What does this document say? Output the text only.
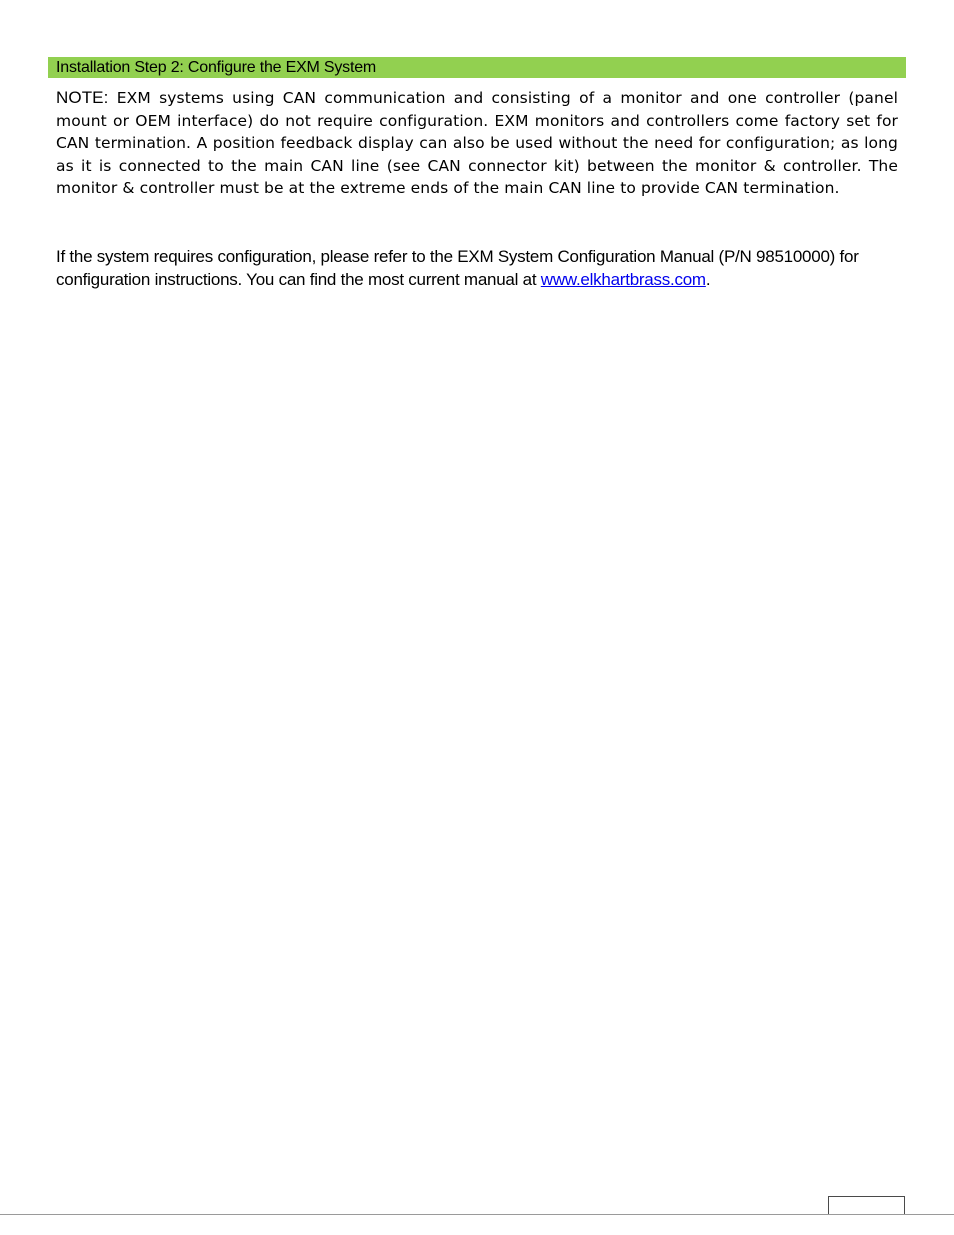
Installation Step 2: Configure the EXM System

NOTE: EXM systems using CAN communication and consisting of a monitor and one controller (panel mount or OEM interface) do not require configuration. EXM monitors and controllers come factory set for CAN termination. A position feedback display can also be used without the need for configuration; as long as it is connected to the main CAN line (see CAN connector kit) between the monitor & controller. The monitor & controller must be at the extreme ends of the main CAN line to provide CAN termination.

If the system requires configuration, please refer to the EXM System Configuration Manual (P/N 98510000) for configuration instructions. You can find the most current manual at www.elkhartbrass.com.
